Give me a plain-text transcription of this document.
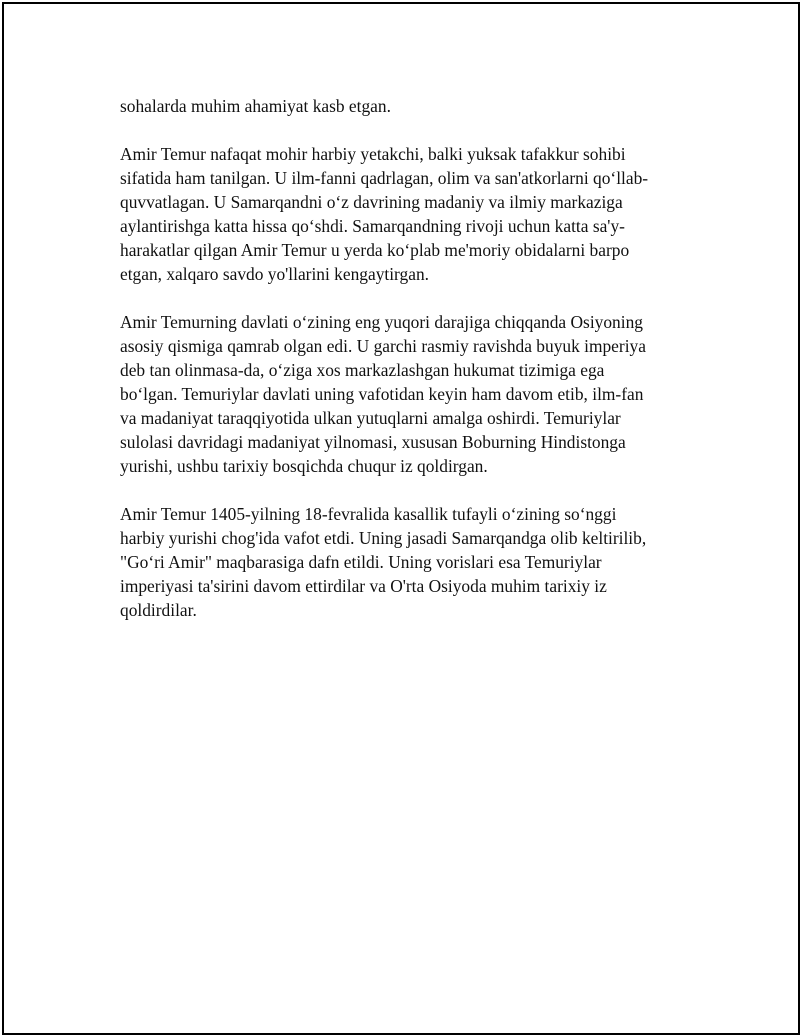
sohalarda muhim ahamiyat kasb etgan.

Amir Temur nafaqat mohir harbiy yetakchi, balki yuksak tafakkur sohibi
sifatida ham tanilgan. U ilm-fanni qadrlagan, olim va san'atkorlarni qo‘llab-
quvvatlagan. U Samarqandni o‘z davrining madaniy va ilmiy markaziga
aylantirishga katta hissa qo‘shdi. Samarqandning rivoji uchun katta sa'y-
harakatlar qilgan Amir Temur u yerda ko‘plab me'moriy obidalarni barpo
etgan, xalqaro savdo yo'llarini kengaytirgan.

Amir Temurning davlati o‘zining eng yuqori darajiga chiqqanda Osiyoning
asosiy qismiga qamrab olgan edi. U garchi rasmiy ravishda buyuk imperiya
deb tan olinmasa-da, o‘ziga xos markazlashgan hukumat tizimiga ega
bo‘lgan. Temuriylar davlati uning vafotidan keyin ham davom etib, ilm-fan
va madaniyat taraqqiyotida ulkan yutuqlarni amalga oshirdi. Temuriylar
sulolasi davridagi madaniyat yilnomasi, xususan Boburning Hindistonga
yurishi, ushbu tarixiy bosqichda chuqur iz qoldirgan.

Amir Temur 1405-yilning 18-fevralida kasallik tufayli o‘zining so‘nggi
harbiy yurishi chog'ida vafot etdi. Uning jasadi Samarqandga olib keltirilib,
"Go‘ri Amir" maqbarasiga dafn etildi. Uning vorislari esa Temuriylar
imperiyasi ta'sirini davom ettirdilar va O'rta Osiyoda muhim tarixiy iz
qoldirdilar.
